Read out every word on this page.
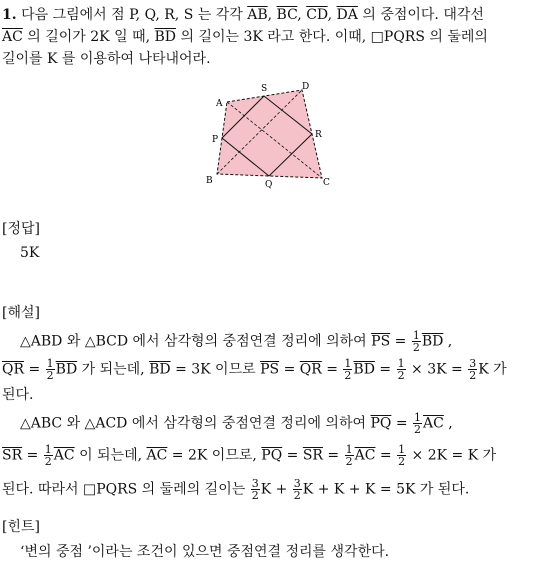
1. 다음 그림에서 점 P, Q, R, S 는 각각 $\overline{AB}$, $\overline{BC}$, $\overline{CD}$, $\overline{DA}$ 의 중점이다. 대각선
$\overline{AC}$ 의 길이가 2K 일 때, $\overline{BD}$ 의 길이는 3K 라고 한다. 이때, □PQRS 의 둘레의
길이를 K 를 이용하여 나타내어라.
A
B	C
D
P
Q
R
S
[정답]
5K
[해설]
△ABD 와 △BCD 에서 삼각형의 중점연결 정리에 의하여 $\overline{PS} = \frac{1}{2} \overline{BD}$ ,
$\overline{QR} = \frac{1}{2} \overline{BD}$ 가 되는데, $\overline{BD} = 3K$ 이므로 $\overline{PS} = \overline{QR} = \frac{1}{2} \overline{BD} = \frac{1}{2} \times 3K = \frac{3}{2}$ K 가
된다.
△ABC 와 △ACD 에서 삼각형의 중점연결 정리에 의하여 $\overline{PQ} = \frac{1}{2} \overline{AC}$ ,
$\overline{SR} = \frac{1}{2} \overline{AC}$ 이 되는데, $\overline{AC} = 2K$ 이므로, $\overline{PQ} = \overline{SR} = \frac{1}{2} \overline{AC} = \frac{1}{2} \times 2K = K$ 가
된다. 따라서 □PQRS 의 둘레의 길이는 $\frac{3}{2}$ $K + \frac{3}{2}$ K + K + K = 5K 가 된다.
[힌트]
‘변의 중점 ’이라는 조건이 있으면 중점연결 정리를 생각한다.
